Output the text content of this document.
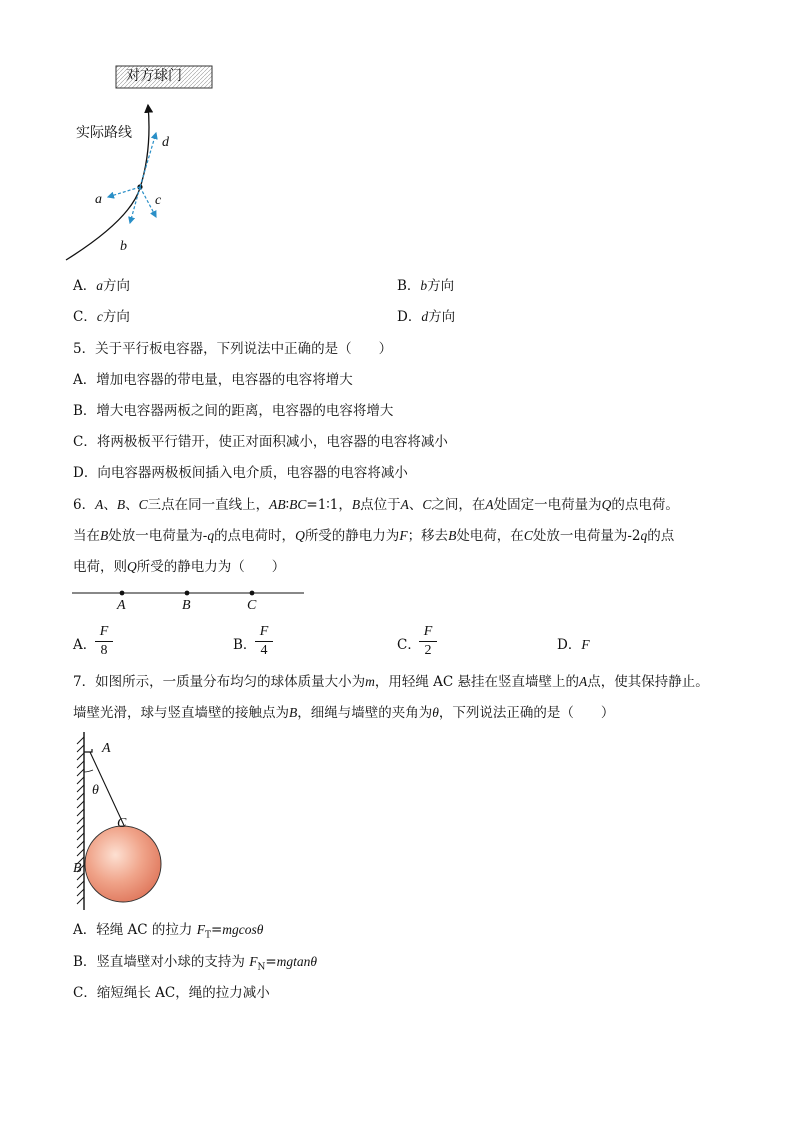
对方球门
实际路线
d
a	c
b
A．a方向	B．b方向
C．c方向	D．d方向
5．关于平行板电容器，下列说法中正确的是（　　）
A．增加电容器的带电量，电容器的电容将增大
B．增大电容器两板之间的距离，电容器的电容将增大
C．将两极板平行错开，使正对面积减小，电容器的电容将减小
D．向电容器两极板间插入电介质，电容器的电容将减小
6．A、B、C三点在同一直线上，AB∶BC=1∶1，B点位于A、C之间，在A处固定一电荷量为Q的点电荷。
当在B处放一电荷量为-q的点电荷时，Q所受的静电力为F；移去B处电荷，在C处放一电荷量为-2q的点
电荷，则Q所受的静电力为（　　）
A	B	C
A．
F
8	B．
F
4	C．
F
2	D．F
7．如图所示，一质量分布均匀的球体质量大小为m，用轻绳 AC 悬挂在竖直墙壁上的A点，使其保持静止。
墙壁光滑，球与竖直墙壁的接触点为B，细绳与墙壁的夹角为θ，下列说法正确的是（　　）
A
θ
C
B
A．轻绳 AC 的拉力 $F_T=mgcos\theta$
B．竖直墙壁对小球的支持为 $F_N=mgtan\theta$
C．缩短绳长 AC，绳的拉力减小
